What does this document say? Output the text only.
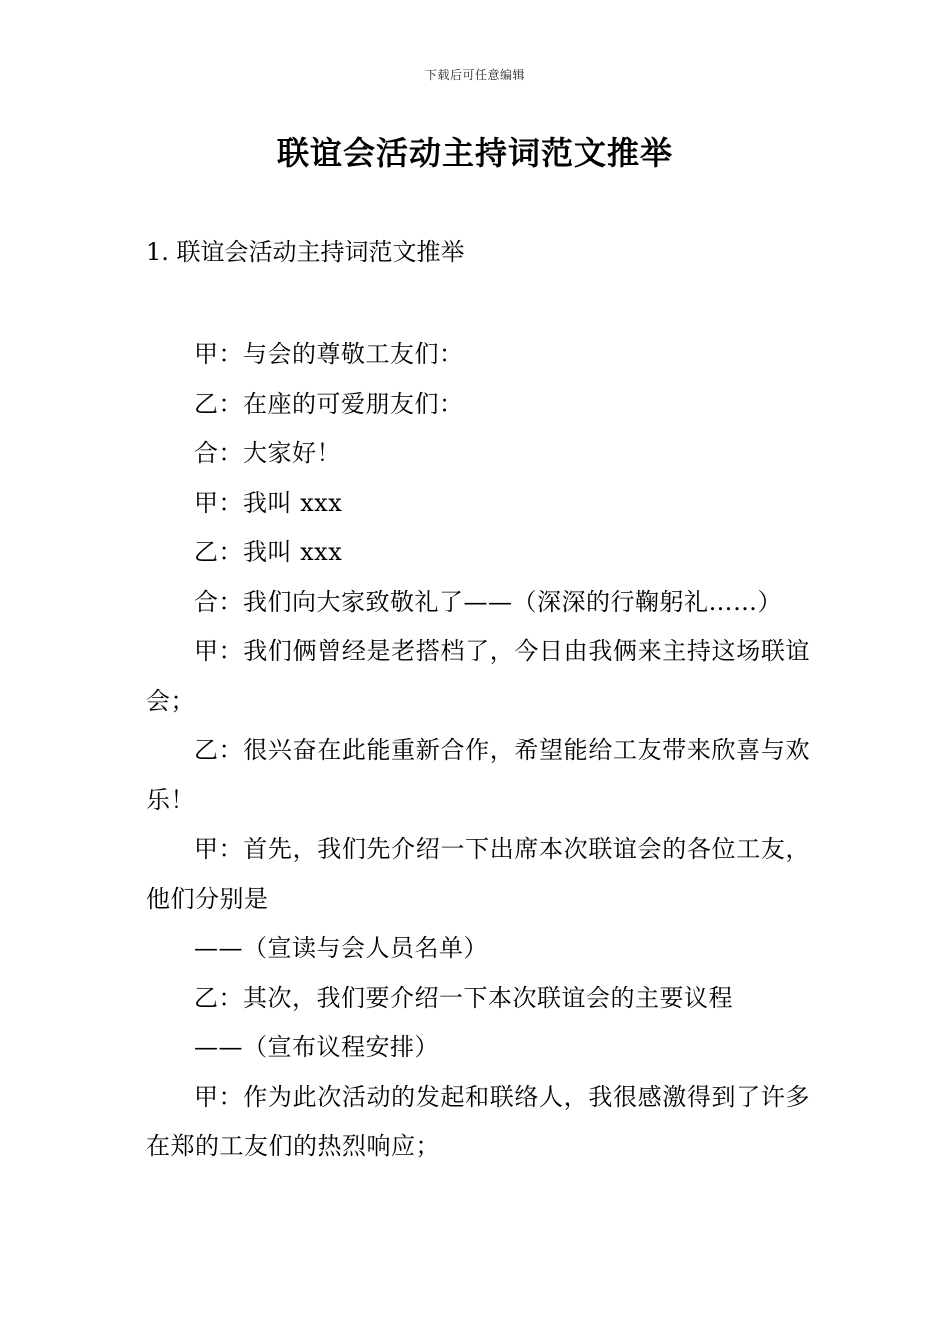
下载后可任意编辑
联谊会活动主持词范文推举
1. 联谊会活动主持词范文推举

甲：与会的尊敬工友们：

乙：在座的可爱朋友们：

合：大家好！

甲：我叫 xxx

乙：我叫 xxx

合：我们向大家致敬礼了——（深深的行鞠躬礼……）

甲：我们俩曾经是老搭档了，今日由我俩来主持这场联谊会；

乙：很兴奋在此能重新合作，希望能给工友带来欣喜与欢乐！

甲：首先，我们先介绍一下出席本次联谊会的各位工友，他们分别是

——（宣读与会人员名单）

乙：其次，我们要介绍一下本次联谊会的主要议程

——（宣布议程安排）

甲：作为此次活动的发起和联络人，我很感激得到了许多在郑的工友们的热烈响应；
